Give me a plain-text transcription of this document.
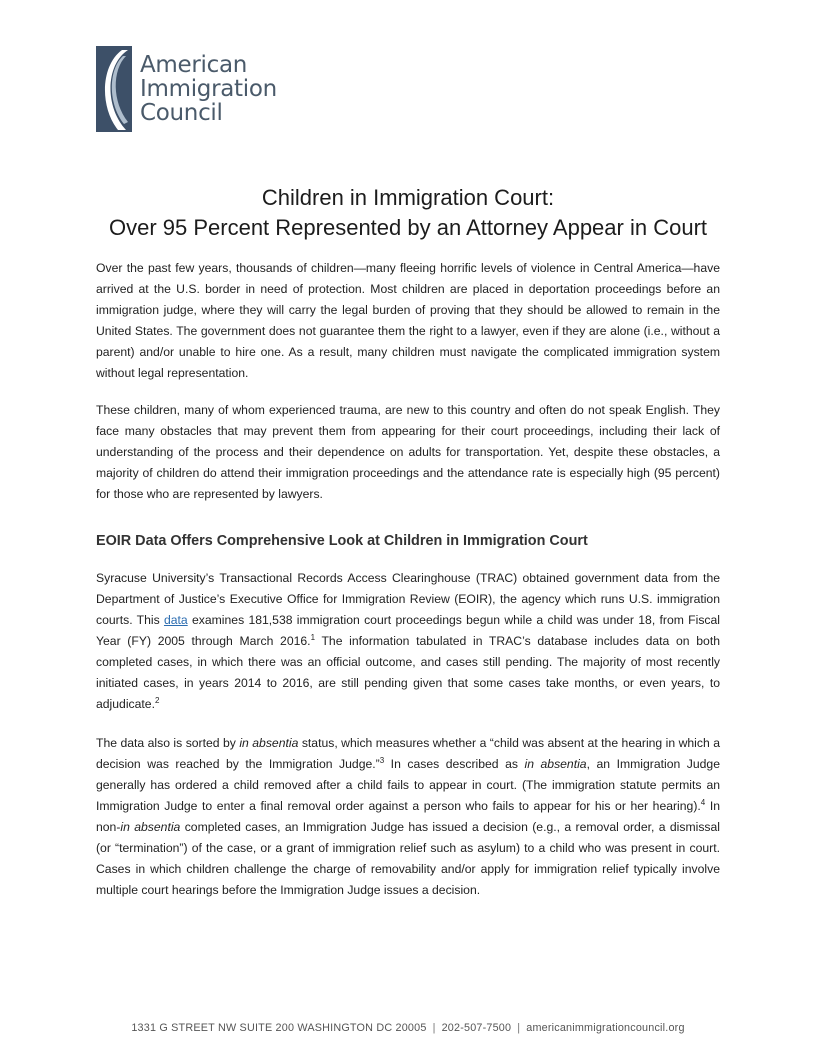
American
Immigration
Council
Children in Immigration Court:
Over 95 Percent Represented by an Attorney Appear in Court

Over the past few years, thousands of children—many fleeing horrific levels of violence in Central America—have arrived at the U.S. border in need of protection. Most children are placed in deportation proceedings before an immigration judge, where they will carry the legal burden of proving that they should be allowed to remain in the United States. The government does not guarantee them the right to a lawyer, even if they are alone (i.e., without a parent) and/or unable to hire one. As a result, many children must navigate the complicated immigration system without legal representation.

These children, many of whom experienced trauma, are new to this country and often do not speak English. They face many obstacles that may prevent them from appearing for their court proceedings, including their lack of understanding of the process and their dependence on adults for transportation. Yet, despite these obstacles, a majority of children do attend their immigration proceedings and the attendance rate is especially high (95 percent) for those who are represented by lawyers.

EOIR Data Offers Comprehensive Look at Children in Immigration Court

Syracuse University’s Transactional Records Access Clearinghouse (TRAC) obtained government data from the Department of Justice’s Executive Office for Immigration Review (EOIR), the agency which runs U.S. immigration courts. This data examines 181,538 immigration court proceedings begun while a child was under 18, from Fiscal Year (FY) 2005 through March 2016.$^1$ The information tabulated in TRAC’s database includes data on both completed cases, in which there was an official outcome, and cases still pending. The majority of most recently initiated cases, in years 2014 to 2016, are still pending given that some cases take months, or even years, to adjudicate.$^2$

The data also is sorted by in absentia status, which measures whether a “child was absent at the hearing in which a decision was reached by the Immigration Judge.”$^3$ In cases described as in absentia, an Immigration Judge generally has ordered a child removed after a child fails to appear in court. (The immigration statute permits an Immigration Judge to enter a final removal order against a person who fails to appear for his or her hearing).$^4$ In non-in absentia completed cases, an Immigration Judge has issued a decision (e.g., a removal order, a dismissal (or “termination”) of the case, or a grant of immigration relief such as asylum) to a child who was present in court. Cases in which children challenge the charge of removability and/or apply for immigration relief typically involve multiple court hearings before the Immigration Judge issues a decision.

1331 G STREET NW SUITE 200 WASHINGTON DC 20005 | 202-507-7500 | americanimmigrationcouncil.org
